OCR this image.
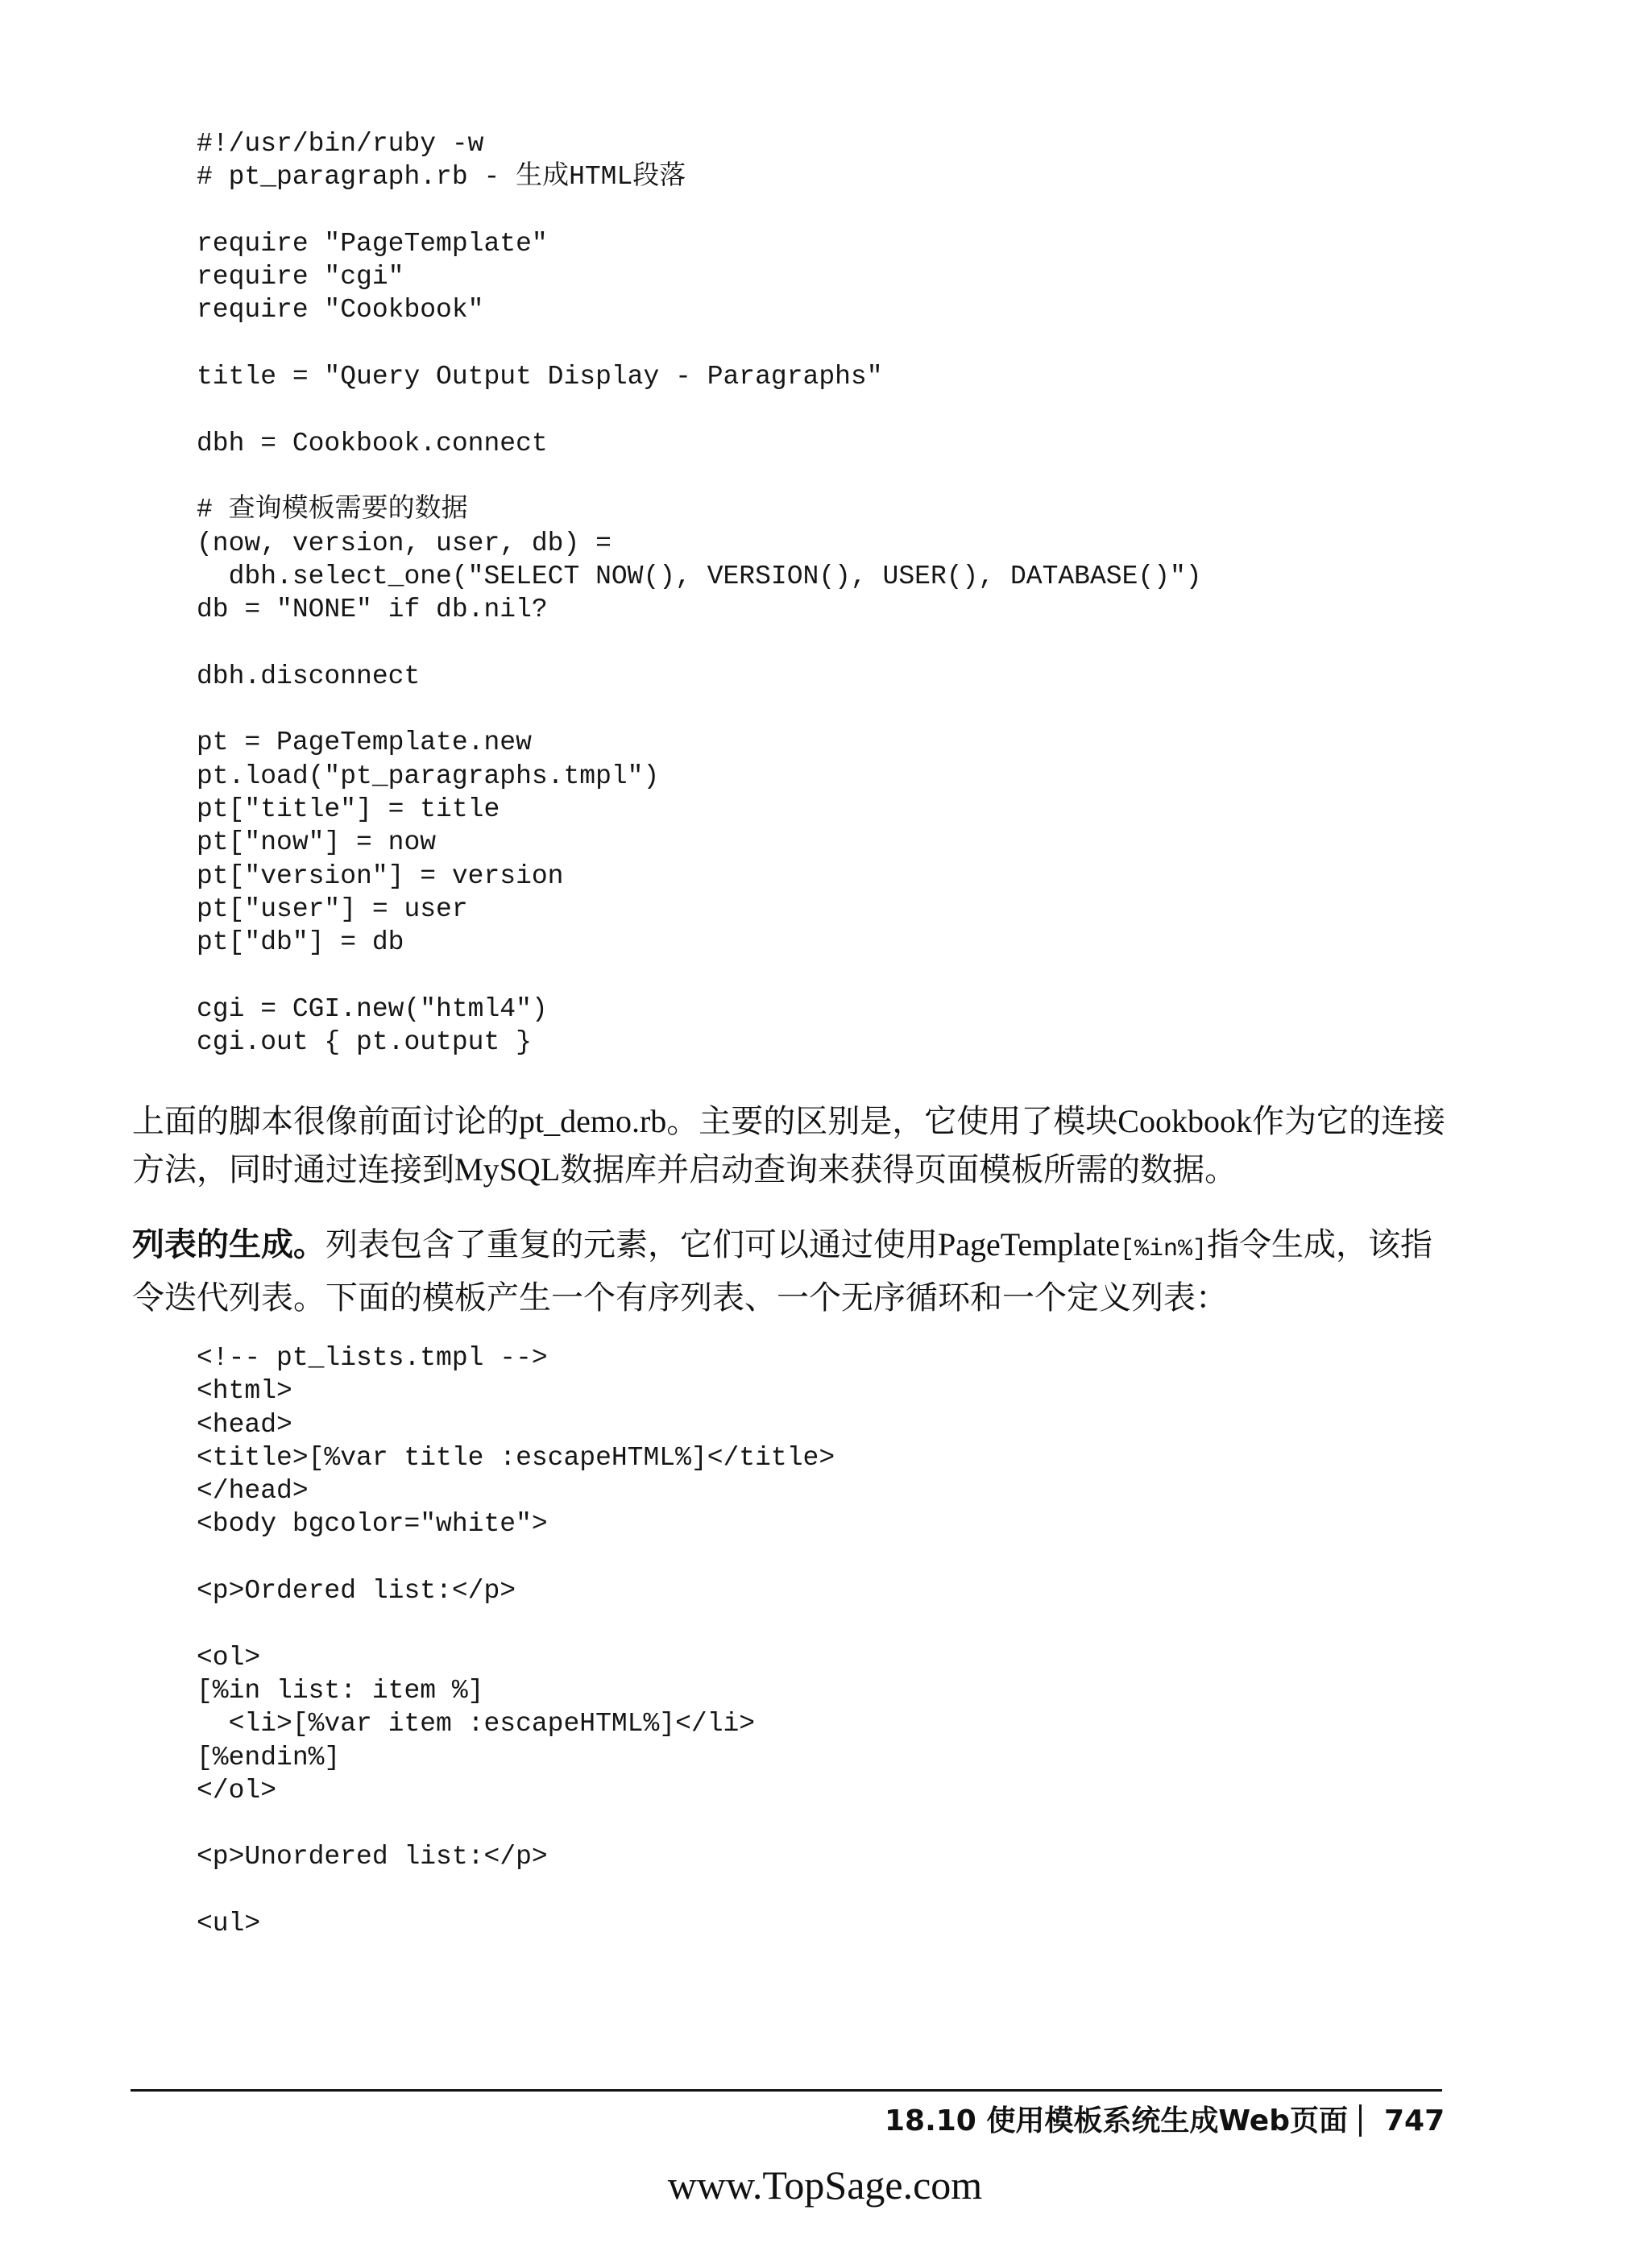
#!/usr/bin/ruby -w
# pt_paragraph.rb - 生成HTML段落

require "PageTemplate"
require "cgi"
require "Cookbook"

title = "Query Output Display - Paragraphs"

dbh = Cookbook.connect

# 查询模板需要的数据
(now, version, user, db) =
dbh.select_one("SELECT NOW(), VERSION(), USER(), DATABASE()")
db = "NONE" if db.nil?

dbh.disconnect

pt = PageTemplate.new
pt.load("pt_paragraphs.tmpl")
pt["title"] = title
pt["now"] = now
pt["version"] = version
pt["user"] = user
pt["db"] = db

cgi = CGI.new("html4")
cgi.out { pt.output }

上面的脚本很像前面讨论的pt_demo.rb。主要的区别是，它使用了模块Cookbook作为它的连接方法，同时通过连接到MySQL数据库并启动查询来获得页面模板所需的数据。

列表的生成。列表包含了重复的元素，它们可以通过使用PageTemplate[%in%]指令生成，该指令迭代列表。下面的模板产生一个有序列表、一个无序循环和一个定义列表：

<!-- pt_lists.tmpl -->
<html>
<head>
<title>[%var title :escapeHTML%]</title>
</head>
<body bgcolor="white">

<p>Ordered list:</p>

<ol>
[%in list: item %]
<li>[%var item :escapeHTML%]</li>
[%endin%]
</ol>

<p>Unordered list:</p>

<ul>
18.10 使用模板系统生成Web页面 747
www.TopSage.com
